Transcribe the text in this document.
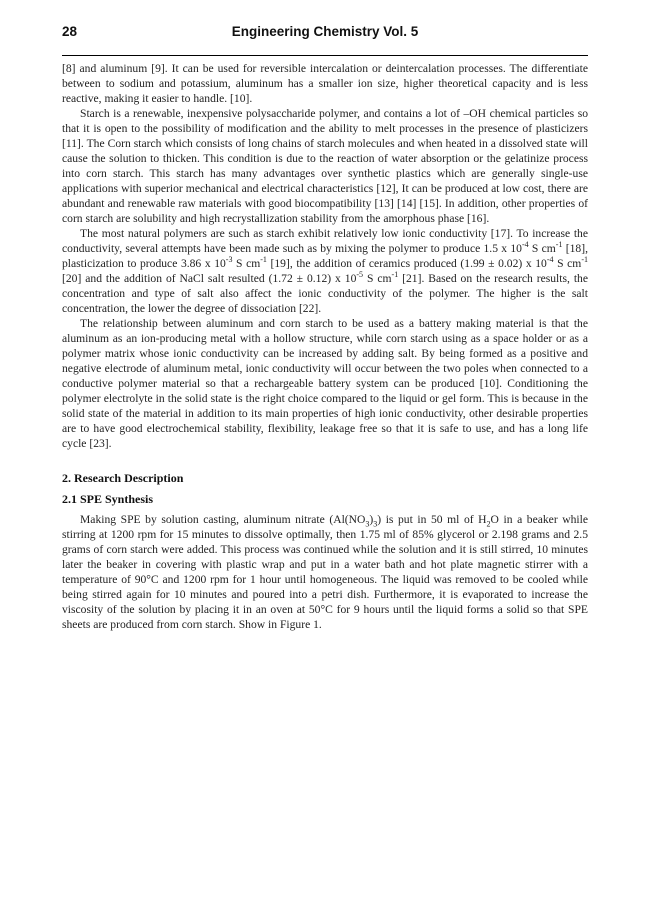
28	Engineering Chemistry Vol. 5

[8] and aluminum [9]. It can be used for reversible intercalation or deintercalation processes. The differentiate between to sodium and potassium, aluminum has a smaller ion size, higher theoretical capacity and is less reactive, making it easier to handle. [10].

Starch is a renewable, inexpensive polysaccharide polymer, and contains a lot of –OH chemical particles so that it is open to the possibility of modification and the ability to melt processes in the presence of plasticizers [11]. The Corn starch which consists of long chains of starch molecules and when heated in a dissolved state will cause the solution to thicken. This condition is due to the reaction of water absorption or the gelatinize process into corn starch. This starch has many advantages over synthetic plastics which are generally single-use applications with superior mechanical and electrical characteristics [12], It can be produced at low cost, there are abundant and renewable raw materials with good biocompatibility [13] [14] [15]. In addition, other properties of corn starch are solubility and high recrystallization stability from the amorphous phase [16].

The most natural polymers are such as starch exhibit relatively low ionic conductivity [17]. To increase the conductivity, several attempts have been made such as by mixing the polymer to produce 1.5 x $10^{-4}$ S $cm^{-1}$ [18], plasticization to produce 3.86 x $10^{-3}$ S $cm^{-1}$ [19], the addition of ceramics produced (1.99 ± 0.02) x $10^{-4}$ S $cm^{-1}$ [20] and the addition of NaCl salt resulted (1.72 ± 0.12) x $10^{-5}$ S $cm^{-1}$ [21]. Based on the research results, the concentration and type of salt also affect the ionic conductivity of the polymer. The higher is the salt concentration, the lower the degree of dissociation [22].

The relationship between aluminum and corn starch to be used as a battery making material is that the aluminum as an ion-producing metal with a hollow structure, while corn starch using as a space holder or as a polymer matrix whose ionic conductivity can be increased by adding salt. By being formed as a positive and negative electrode of aluminum metal, ionic conductivity will occur between the two poles when connected to a conductive polymer material so that a rechargeable battery system can be produced [10]. Conditioning the polymer electrolyte in the solid state is the right choice compared to the liquid or gel form. This is because in the solid state of the material in addition to its main properties of high ionic conductivity, other desirable properties are to have good electrochemical stability, flexibility, leakage free so that it is safe to use, and has a long life cycle [23].

2. Research Description
2.1 SPE Synthesis

Making SPE by solution casting, aluminum nitrate $(Al(NO_3)_3)$ is put in 50 ml of $H_2O$ in a beaker while stirring at 1200 rpm for 15 minutes to dissolve optimally, then 1.75 ml of 85% glycerol or 2.198 grams and 2.5 grams of corn starch were added. This process was continued while the solution and it is still stirred, 10 minutes later the beaker in covering with plastic wrap and put in a water bath and hot plate magnetic stirrer with a temperature of 90°C and 1200 rpm for 1 hour until homogeneous. The liquid was removed to be cooled while being stirred again for 10 minutes and poured into a petri dish. Furthermore, it is evaporated to increase the viscosity of the solution by placing it in an oven at 50°C for 9 hours until the liquid forms a solid so that SPE sheets are produced from corn starch. Show in Figure 1.
